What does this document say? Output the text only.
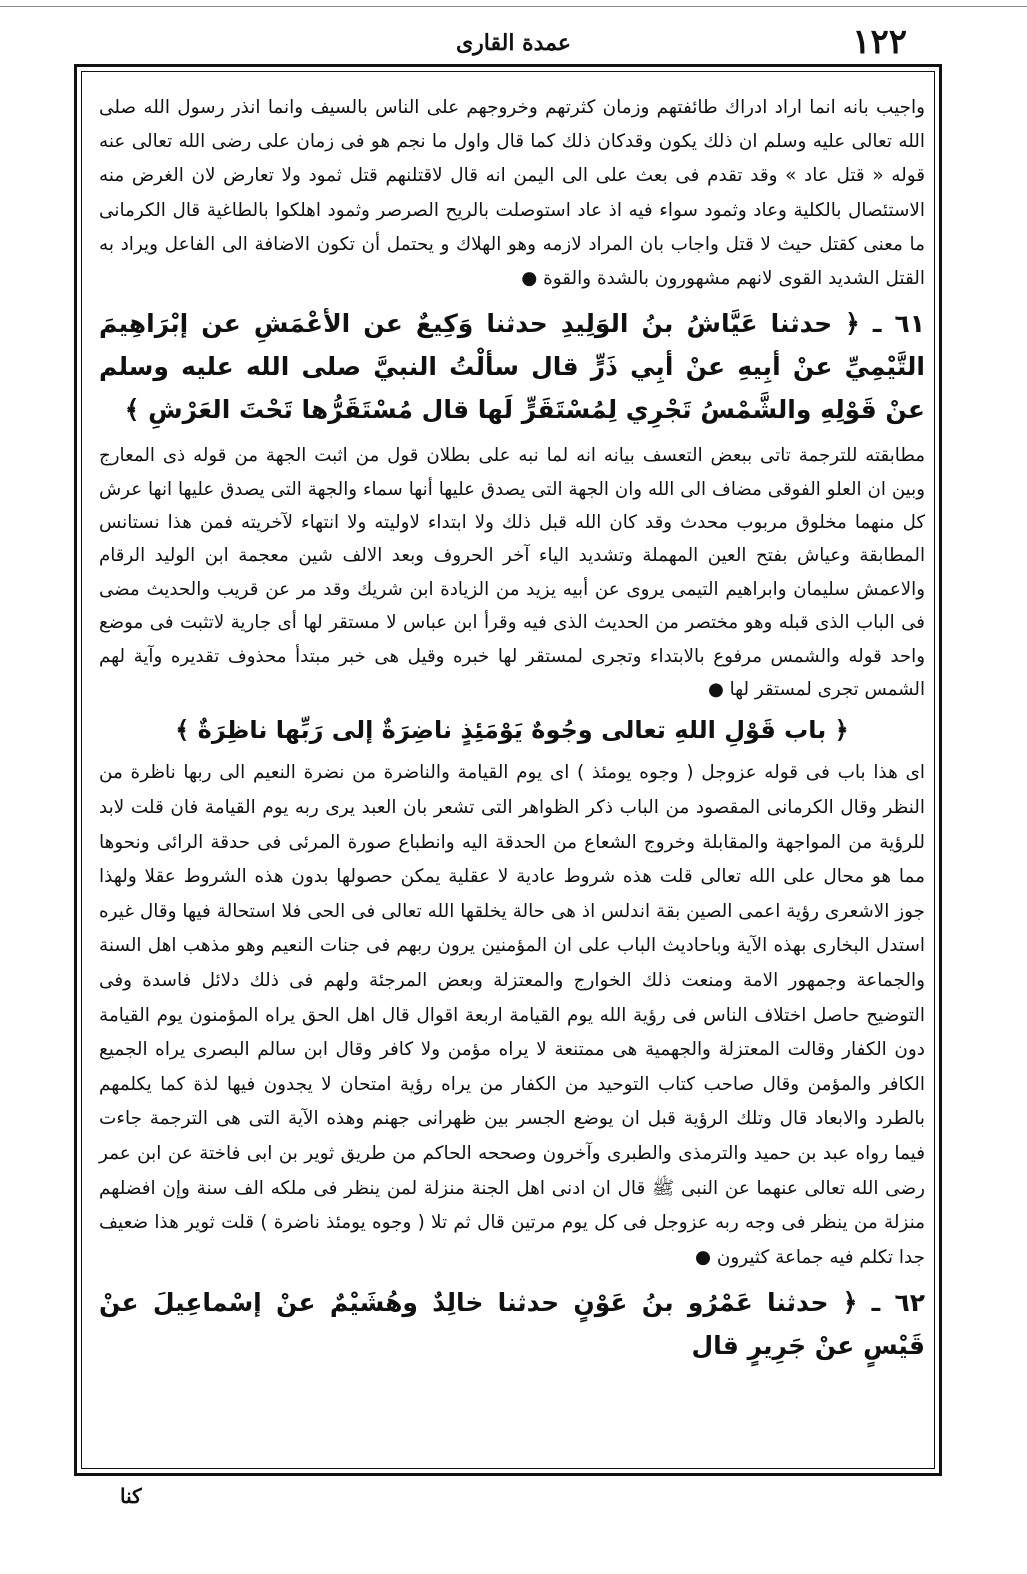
١٢٢
عمدة القارى

واجيب بانه انما اراد ادراك طائفتهم وزمان كثرتهم وخروجهم على الناس بالسيف وانما انذر رسول الله صلى الله تعالى عليه وسلم ان ذلك يكون وقدكان ذلك كما قال واول ما نجم هو فى زمان على رضى الله تعالى عنه قوله « قتل عاد » وقد تقدم فى بعث على الى اليمن انه قال لاقتلنهم قتل ثمود ولا تعارض لان الغرض منه الاستئصال بالكلية وعاد وثمود سواء فيه اذ عاد استوصلت بالريح الصرصر وثمود اهلكوا بالطاغية قال الكرمانى ما معنى كقتل حيث لا قتل واجاب بان المراد لازمه وهو الهلاك و يحتمل أن تكون الاضافة الى الفاعل ويراد به القتل الشديد القوى لانهم مشهورون بالشدة والقوة ●

٦١ ـ ﴿ حدثنا عَيَّاشُ بنُ الوَلِيدِ حدثنا وَكِيعٌ عن الأعْمَشِ عن إبْرَاهِيمَ التَّيْمِيِّ عنْ أبِيهِ عنْ أبِي ذَرٍّ قال سألْتُ النبيَّ صلى الله عليه وسلم عنْ قَوْلِهِ والشَّمْسُ تَجْرِي لِمُسْتَقَرٍّ لَها قال مُسْتَقَرُّها تَحْتَ العَرْشِ ﴾

مطابقته للترجمة تاتى ببعض التعسف بيانه انه لما نبه على بطلان قول من اثبت الجهة من قوله ذى المعارج وبين ان العلو الفوقى مضاف الى الله وان الجهة التى يصدق عليها أنها سماء والجهة التى يصدق عليها انها عرش كل منهما مخلوق مربوب محدث وقد كان الله قبل ذلك ولا ابتداء لاوليته ولا انتهاء لآخريته فمن هذا نستانس المطابقة وعياش بفتح العين المهملة وتشديد الياء آخر الحروف وبعد الالف شين معجمة ابن الوليد الرقام والاعمش سليمان وابراهيم التيمى يروى عن أبيه يزيد من الزيادة ابن شريك وقد مر عن قريب والحديث مضى فى الباب الذى قبله وهو مختصر من الحديث الذى فيه وقرأ ابن عباس لا مستقر لها أى جارية لاتثبت فى موضع واحد قوله والشمس مرفوع بالابتداء وتجرى لمستقر لها خبره وقيل هى خبر مبتدأ محذوف تقديره وآية لهم الشمس تجرى لمستقر لها ●

﴿ باب قَوْلِ اللهِ تعالى وجُوهٌ يَوْمَئِذٍ ناضِرَةٌ إلى رَبِّها ناظِرَةٌ ﴾

اى هذا باب فى قوله عزوجل ( وجوه يومئذ ) اى يوم القيامة والناضرة من نضرة النعيم الى ربها ناظرة من النظر وقال الكرمانى المقصود من الباب ذكر الظواهر التى تشعر بان العبد يرى ربه يوم القيامة فان قلت لابد للرؤية من المواجهة والمقابلة وخروج الشعاع من الحدقة اليه وانطباع صورة المرئى فى حدقة الرائى ونحوها مما هو محال على الله تعالى قلت هذه شروط عادية لا عقلية يمكن حصولها بدون هذه الشروط عقلا ولهذا جوز الاشعرى رؤية اعمى الصين بقة اندلس اذ هى حالة يخلقها الله تعالى فى الحى فلا استحالة فيها وقال غيره استدل البخارى بهذه الآية وباحاديث الباب على ان المؤمنين يرون ربهم فى جنات النعيم وهو مذهب اهل السنة والجماعة وجمهور الامة ومنعت ذلك الخوارج والمعتزلة وبعض المرجئة ولهم فى ذلك دلائل فاسدة وفى التوضيح حاصل اختلاف الناس فى رؤية الله يوم القيامة اربعة اقوال قال اهل الحق يراه المؤمنون يوم القيامة دون الكفار وقالت المعتزلة والجهمية هى ممتنعة لا يراه مؤمن ولا كافر وقال ابن سالم البصرى يراه الجميع الكافر والمؤمن وقال صاحب كتاب التوحيد من الكفار من يراه رؤية امتحان لا يجدون فيها لذة كما يكلمهم بالطرد والابعاد قال وتلك الرؤية قبل ان يوضع الجسر بين ظهرانى جهنم وهذه الآية التى هى الترجمة جاءت فيما رواه عبد بن حميد والترمذى والطبرى وآخرون وصححه الحاكم من طريق ثوير بن ابى فاختة عن ابن عمر رضى الله تعالى عنهما عن النبى ﷺ قال ان ادنى اهل الجنة منزلة لمن ينظر فى ملكه الف سنة وإن افضلهم منزلة من ينظر فى وجه ربه عزوجل فى كل يوم مرتين قال ثم تلا ( وجوه يومئذ ناضرة ) قلت ثوير هذا ضعيف جدا تكلم فيه جماعة كثيرون ●

٦٢ ـ ﴿ حدثنا عَمْرُو بنُ عَوْنٍ حدثنا خالِدٌ وهُشَيْمٌ عنْ إسْماعِيلَ عنْ قَيْسٍ عنْ جَرِيرٍ قال

كنا
